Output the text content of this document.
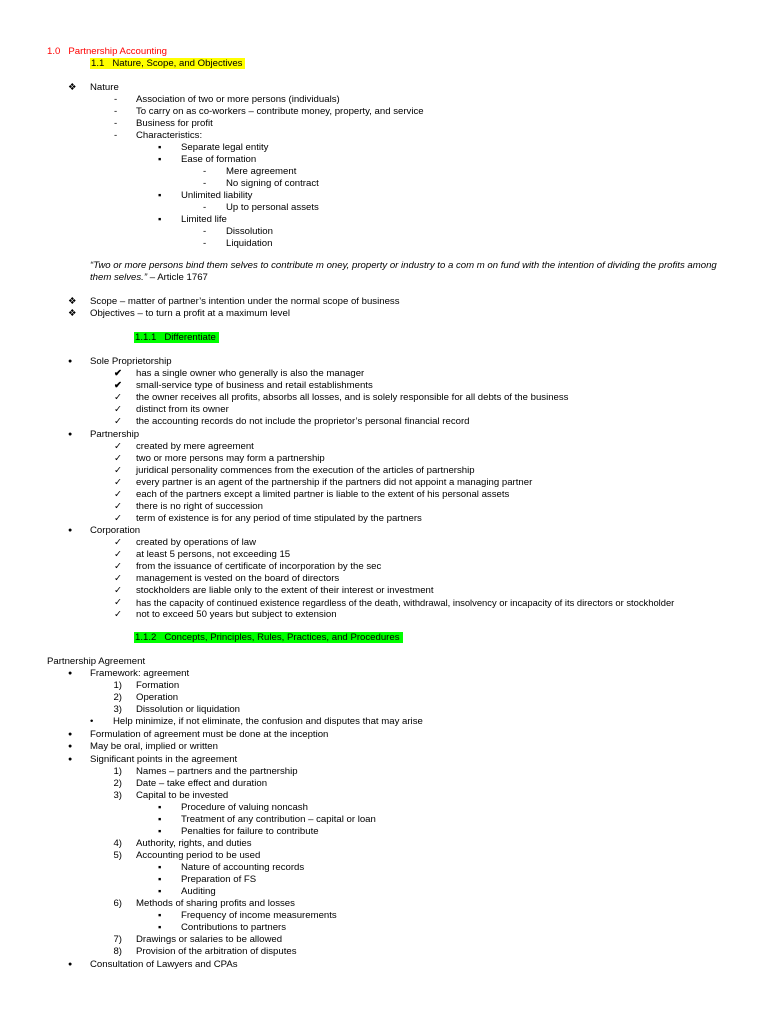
1.0 Partnership Accounting
1.1 Nature, Scope, and Objectives
❖ Nature
- Association of two or more persons (individuals)
- To carry on as co-workers – contribute money, property, and service
- Business for profit
- Characteristics:
▪ Separate legal entity
▪ Ease of formation
- Mere agreement
- No signing of contract
▪ Unlimited liability
- Up to personal assets
▪ Limited life
- Dissolution
- Liquidation
“Two or more persons bind them selves to contribute m oney, property or industry to a com m on fund with the intention of dividing the profits among them selves.” – Article 1767
❖ Scope – matter of partner’s intention under the normal scope of business
❖ Objectives – to turn a profit at a maximum level
1.1.1 Differentiate
● Sole Proprietorship
✔ has a single owner who generally is also the manager
✔ small-service type of business and retail establishments
✓ the owner receives all profits, absorbs all losses, and is solely responsible for all debts of the business
✓ distinct from its owner
✓ the accounting records do not include the proprietor’s personal financial record
● Partnership
✓ created by mere agreement
✓ two or more persons may form a partnership
✓ juridical personality commences from the execution of the articles of partnership
✓ every partner is an agent of the partnership if the partners did not appoint a managing partner
✓ each of the partners except a limited partner is liable to the extent of his personal assets
✓ there is no right of succession
✓ term of existence is for any period of time stipulated by the partners
● Corporation
✓ created by operations of law
✓ at least 5 persons, not exceeding 15
✓ from the issuance of certificate of incorporation by the sec
✓ management is vested on the board of directors
✓ stockholders are liable only to the extent of their interest or investment
✓ has the capacity of continued existence regardless of the death, withdrawal, insolvency or incapacity of its directors or stockholder
✓ not to exceed 50 years but subject to extension
1.1.2 Concepts, Principles, Rules, Practices, and Procedures
Partnership Agreement
● Framework: agreement
1) Formation
2) Operation
3) Dissolution or liquidation
• Help minimize, if not eliminate, the confusion and disputes that may arise
● Formulation of agreement must be done at the inception
● May be oral, implied or written
● Significant points in the agreement
1) Names – partners and the partnership
2) Date – take effect and duration
3) Capital to be invested
▪ Procedure of valuing noncash
▪ Treatment of any contribution – capital or loan
▪ Penalties for failure to contribute
4) Authority, rights, and duties
5) Accounting period to be used
▪ Nature of accounting records
▪ Preparation of FS
▪ Auditing
6) Methods of sharing profits and losses
▪ Frequency of income measurements
▪ Contributions to partners
7) Drawings or salaries to be allowed
8) Provision of the arbitration of disputes
● Consultation of Lawyers and CPAs
